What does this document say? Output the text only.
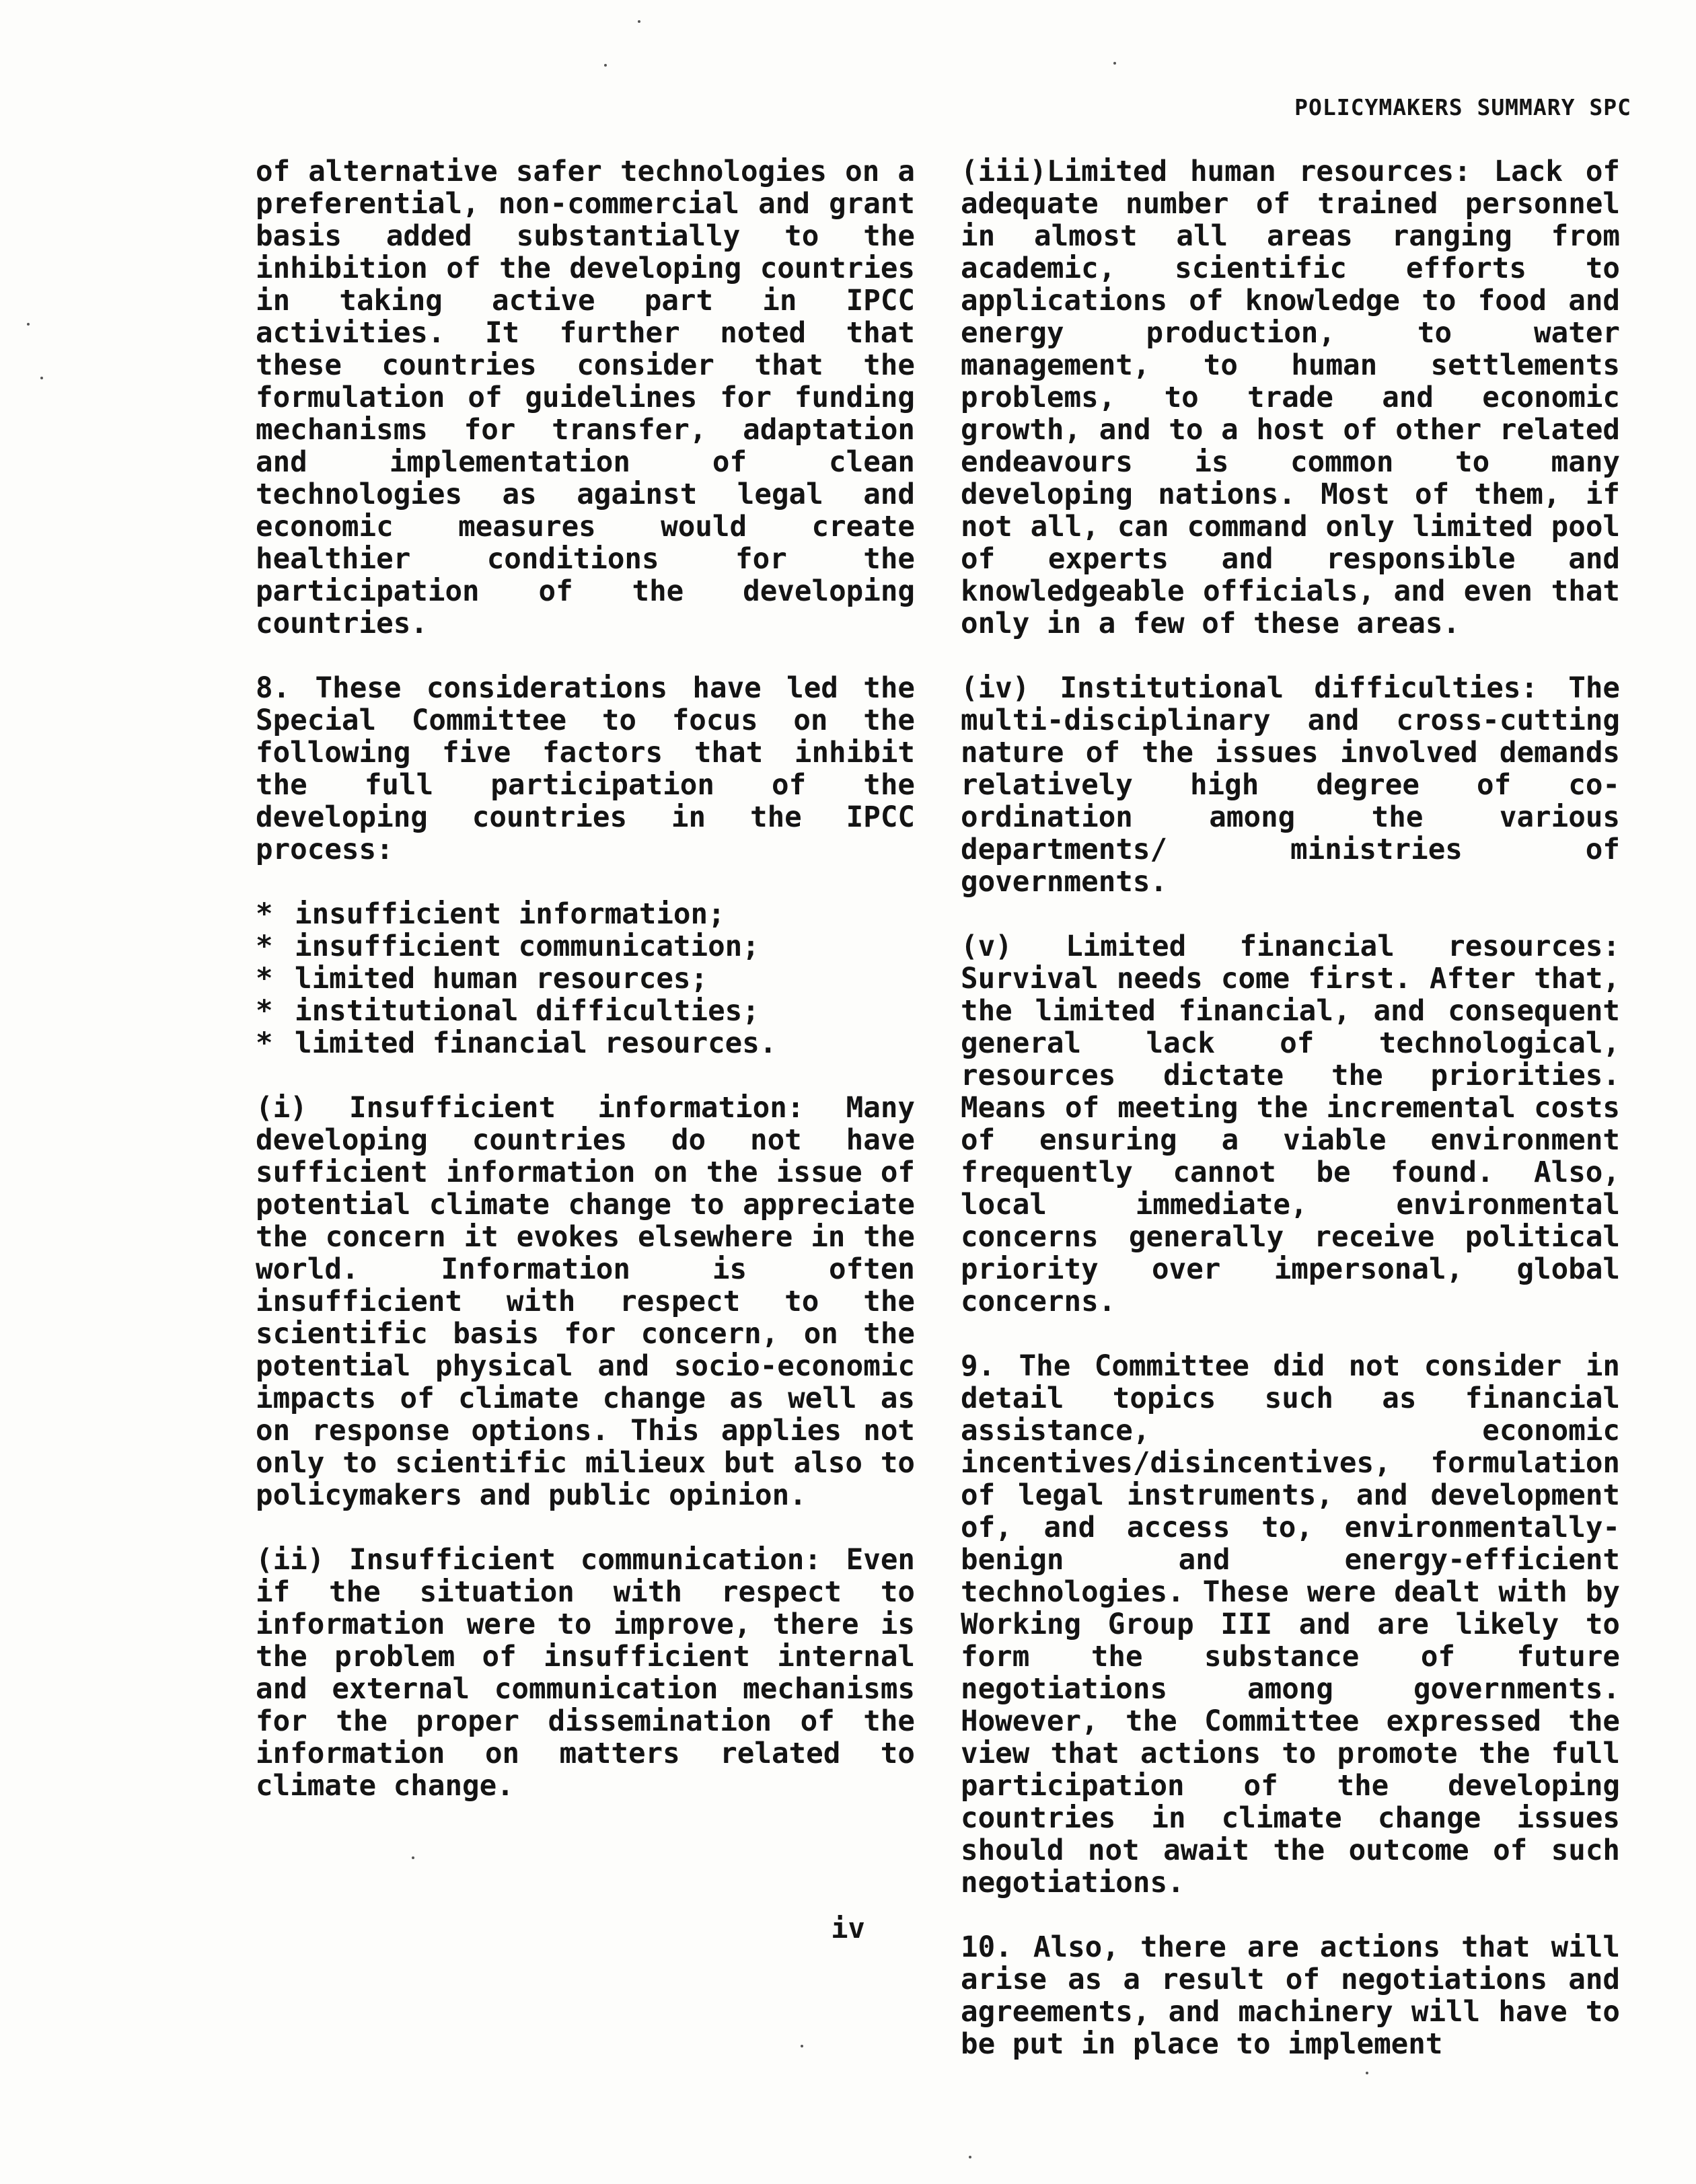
POLICYMAKERS SUMMARY SPC

of alternative safer technologies on a preferential, non-commercial and grant basis added substantially to the inhibition of the developing countries in taking active part in IPCC activities. It further noted that these countries consider that the formulation of guidelines for funding mechanisms for transfer, adaptation and implementation of clean technologies as against legal and economic measures would create healthier conditions for the participation of the developing countries.

8. These considerations have led the Special Committee to focus on the following five factors that inhibit the full participation of the developing countries in the IPCC process:

* insufficient information;
* insufficient communication;
* limited human resources;
* institutional difficulties;
* limited financial resources.

(i) Insufficient information: Many developing countries do not have sufficient information on the issue of potential climate change to appreciate the concern it evokes elsewhere in the world. Information is often insufficient with respect to the scientific basis for concern, on the potential physical and socio-economic impacts of climate change as well as on response options. This applies not only to scientific milieux but also to policymakers and public opinion.

(ii) Insufficient communication: Even if the situation with respect to information were to improve, there is the problem of insufficient internal and external communication mechanisms for the proper dissemination of the information on matters related to climate change.

(iii)Limited human resources: Lack of adequate number of trained personnel in almost all areas ranging from academic, scientific efforts to applications of knowledge to food and energy production, to water management, to human settlements problems, to trade and economic growth, and to a host of other related endeavours is common to many developing nations. Most of them, if not all, can command only limited pool of experts and responsible and knowledgeable officials, and even that only in a few of these areas.

(iv) Institutional difficulties: The multi-disciplinary and cross-cutting nature of the issues involved demands relatively high degree of co-ordination among the various departments/ ministries of governments.

(v) Limited financial resources: Survival needs come first. After that, the limited financial, and consequent general lack of technological, resources dictate the priorities. Means of meeting the incremental costs of ensuring a viable environment frequently cannot be found. Also, local immediate, environmental concerns generally receive political priority over impersonal, global concerns.

9. The Committee did not consider in detail topics such as financial assistance, economic incentives/disincentives, formulation of legal instruments, and development of, and access to, environmentally-benign and energy-efficient technologies. These were dealt with by Working Group III and are likely to form the substance of future negotiations among governments. However, the Committee expressed the view that actions to promote the full participation of the developing countries in climate change issues should not await the outcome of such negotiations.

10. Also, there are actions that will arise as a result of negotiations and agreements, and machinery will have to be put in place to implement

iv
